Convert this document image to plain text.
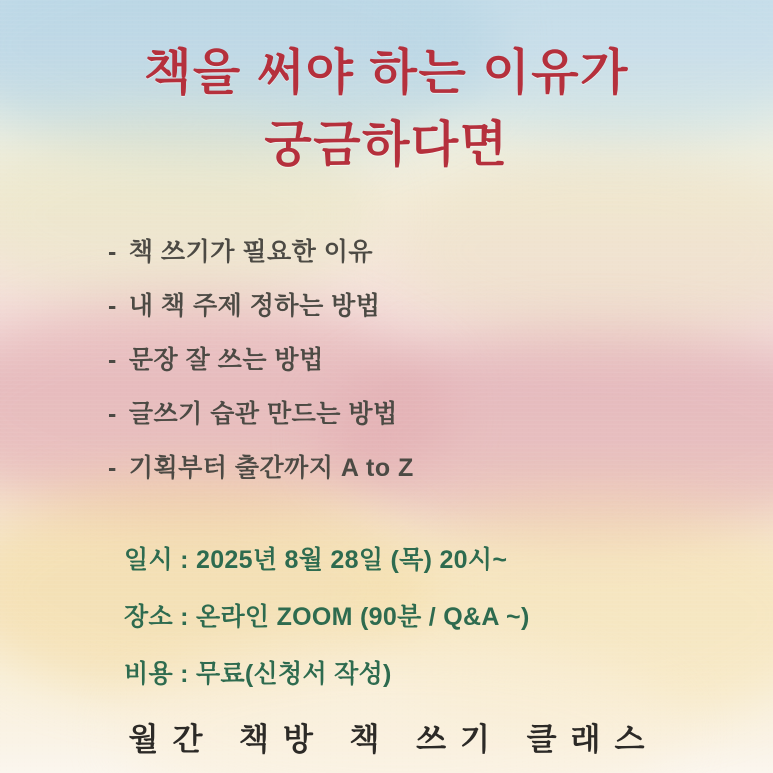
책을 써야 하는 이유가
궁금하다면
- 책 쓰기가 필요한 이유
- 내 책 주제 정하는 방법
- 문장 잘 쓰는 방법
- 글쓰기 습관 만드는 방법
- 기획부터 출간까지 A to Z
일시 : 2025년 8월 28일 (목) 20시~
장소 : 온라인 ZOOM (90분 / Q&A ~)
비용 : 무료(신청서 작성)
월간 책방 책 쓰기 클래스
